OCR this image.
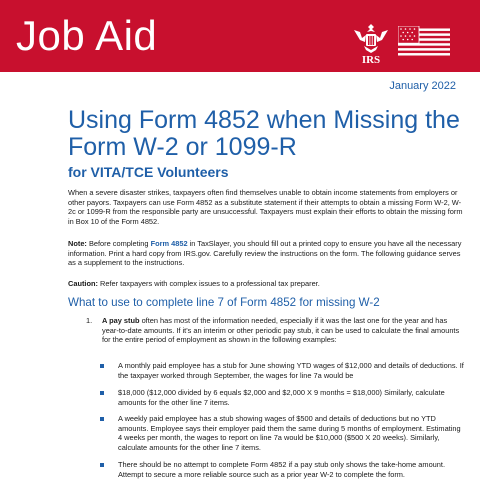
Job Aid
IRS
January 2022
Using Form 4852 when Missing the Form W-2 or 1099-R
for VITA/TCE Volunteers
When a severe disaster strikes, taxpayers often find themselves unable to obtain income statements from employers or other payors. Taxpayers can use Form 4852 as a substitute statement if their attempts to obtain a missing Form W-2, W-2c or 1099-R from the responsible party are unsuccessful. Taxpayers must explain their efforts to obtain the missing form in Box 10 of the Form 4852.
Note: Before completing Form 4852 in TaxSlayer, you should fill out a printed copy to ensure you have all the necessary information. Print a hard copy from IRS.gov. Carefully review the instructions on the form. The following guidance serves as a supplement to the instructions.
Caution: Refer taxpayers with complex issues to a professional tax preparer.
What to use to complete line 7 of Form 4852 for missing W-2
1. A pay stub often has most of the information needed, especially if it was the last one for the year and has year-to-date amounts. If it's an interim or other periodic pay stub, it can be used to calculate the final amounts for the entire period of employment as shown in the following examples:
A monthly paid employee has a stub for June showing YTD wages of $12,000 and details of deductions. If the taxpayer worked through September, the wages for line 7a would be
$18,000 ($12,000 divided by 6 equals $2,000 and $2,000 X 9 months = $18,000) Similarly, calculate amounts for the other line 7 items.
A weekly paid employee has a stub showing wages of $500 and details of deductions but no YTD amounts. Employee says their employer paid them the same during 5 months of employment. Estimating 4 weeks per month, the wages to report on line 7a would be $10,000 ($500 X 20 weeks). Similarly, calculate amounts for the other line 7 items.
There should be no attempt to complete Form 4852 if a pay stub only shows the take-home amount. Attempt to secure a more reliable source such as a prior year W-2 to complete the form.
